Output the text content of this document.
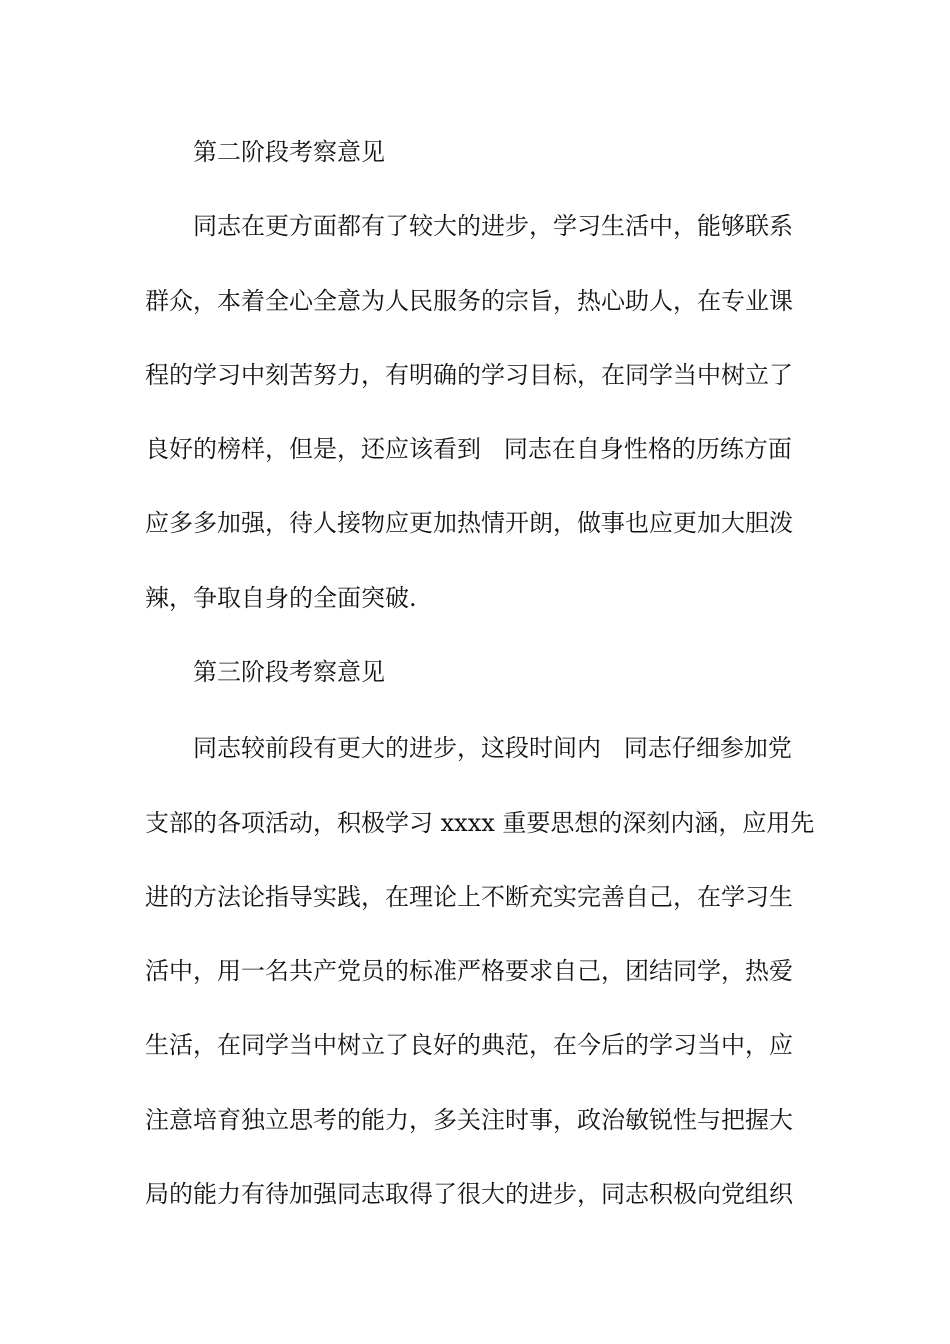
第二阶段考察意见
同志在更方面都有了较大的进步，学习生活中，能够联系
群众，本着全心全意为人民服务的宗旨，热心助人，在专业课
程的学习中刻苦努力，有明确的学习目标，在同学当中树立了
良好的榜样，但是，还应该看到   同志在自身性格的历练方面
应多多加强，待人接物应更加热情开朗，做事也应更加大胆泼
辣，争取自身的全面突破.
第三阶段考察意见
同志较前段有更大的进步，这段时间内   同志仔细参加党
支部的各项活动，积极学习 xxxx 重要思想的深刻内涵，应用先
进的方法论指导实践，在理论上不断充实完善自己，在学习生
活中，用一名共产党员的标准严格要求自己，团结同学，热爱
生活，在同学当中树立了良好的典范，在今后的学习当中，应
注意培育独立思考的能力，多关注时事，政治敏锐性与把握大
局的能力有待加强同志取得了很大的进步，同志积极向党组织
